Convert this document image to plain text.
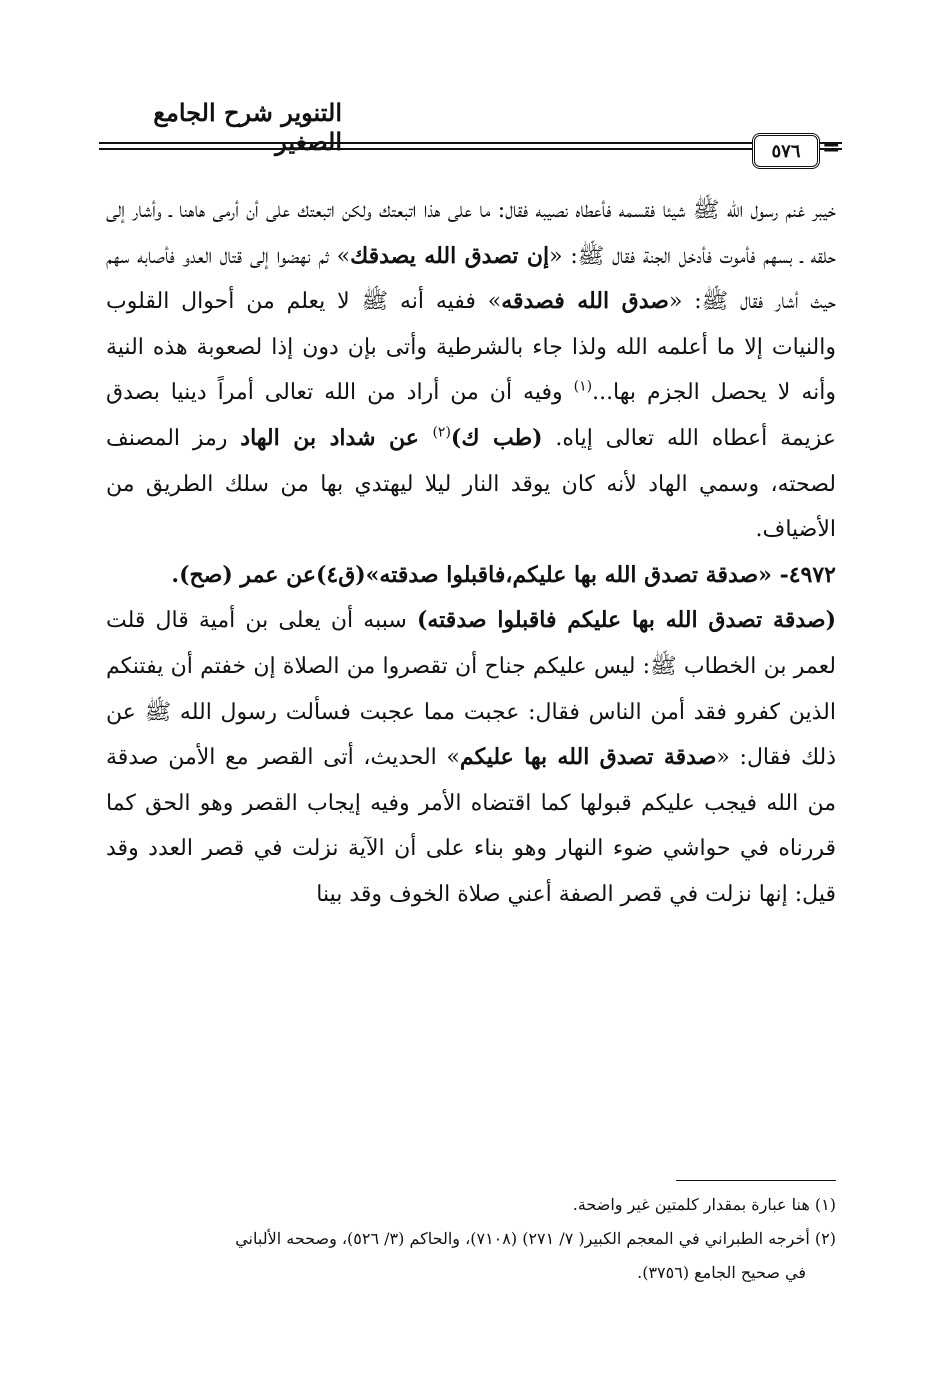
التنوير شرح الجامع الصغير	٥٧٦ =

خيبر غنم رسول الله ﷺ شيئا فقسمه فأعطاه نصيبه فقال: ما على هذا اتبعتك ولكن اتبعتك على أن أرمى هاهنا ـ وأشار إلى حلقه ـ بسهم فأموت فأدخل الجنة فقال ﷺ: «إن تصدق الله يصدقك» ثم نهضوا إلى قتال العدو فأصابه سهم حيث أشار فقال ﷺ: «صدق الله فصدقه» ففيه أنه ﷺ لا يعلم من أحوال القلوب والنيات إلا ما أعلمه الله ولذا جاء بالشرطية وأتى بإن دون إذا لصعوبة هذه النية وأنه لا يحصل الجزم بها...$^{(١)}$ وفيه أن من أراد من الله تعالى أمراً دينيا بصدق عزيمة أعطاه الله تعالى إياه. (طب ك)$^{(٢)}$ عن شداد بن الهاد رمز المصنف لصحته، وسمي الهاد لأنه كان يوقد النار ليلا ليهتدي بها من سلك الطريق من الأضياف.

٤٩٧٢- «صدقة تصدق الله بها عليكم،فاقبلوا صدقته»(ق٤)عن عمر (صح).

(صدقة تصدق الله بها عليكم فاقبلوا صدقته) سببه أن يعلى بن أمية قال قلت لعمر بن الخطاب ﷺ: ليس عليكم جناح أن تقصروا من الصلاة إن خفتم أن يفتنكم الذين كفرو فقد أمن الناس فقال: عجبت مما عجبت فسألت رسول الله ﷺ عن ذلك فقال: «صدقة تصدق الله بها عليكم» الحديث، أتى القصر مع الأمن صدقة من الله فيجب عليكم قبولها كما اقتضاه الأمر وفيه إيجاب القصر وهو الحق كما قررناه في حواشي ضوء النهار وهو بناء على أن الآية نزلت في قصر العدد وقد قيل: إنها نزلت في قصر الصفة أعني صلاة الخوف وقد بينا

(١) هنا عبارة بمقدار كلمتين غير واضحة.

(٢) أخرجه الطبراني في المعجم الكبير( ٧/ ٢٧١) (٧١٠٨)، والحاكم (٣/ ٥٢٦)، وصححه الألباني

في صحيح الجامع (٣٧٥٦).
